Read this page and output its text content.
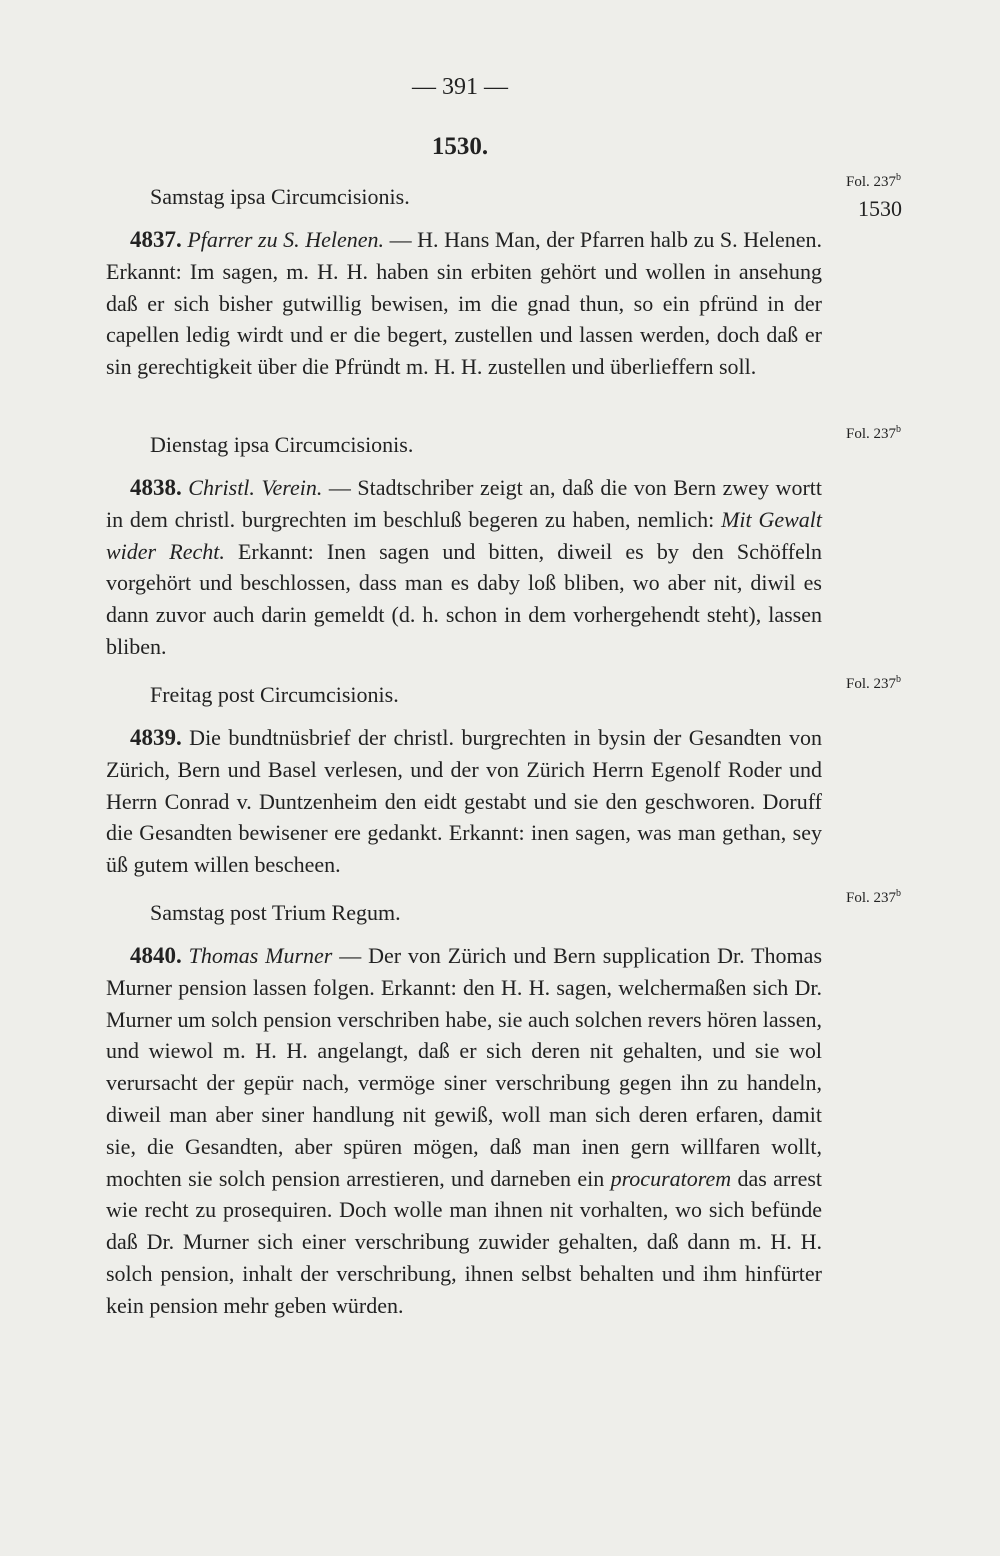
— 391 —
1530.
Fol. 237$^b$
1530
Fol. 237$^b$
Fol. 237$^b$
Fol. 237$^b$
Samstag ipsa Circumcisionis.
4837. Pfarrer zu S. Helenen. — H. Hans Man, der Pfarren halb zu S. Helenen. Erkannt: Im sagen, m. H. H. haben sin erbiten gehört und wollen in ansehung daß er sich bisher gutwillig bewisen, im die gnad thun, so ein pfründ in der capellen ledig wirdt und er die begert, zustellen und lassen werden, doch daß er sin gerechtigkeit über die Pfründt m. H. H. zustellen und überlieffern soll.
Dienstag ipsa Circumcisionis.
4838. Christl. Verein. — Stadtschriber zeigt an, daß die von Bern zwey wortt in dem christl. burgrechten im beschluß begeren zu haben, nemlich: Mit Gewalt wider Recht. Erkannt: Inen sagen und bitten, diweil es by den Schöffeln vorgehört und beschlossen, dass man es daby loß bliben, wo aber nit, diwil es dann zuvor auch darin gemeldt (d. h. schon in dem vorhergehendt steht), lassen bliben.
Freitag post Circumcisionis.
4839. Die bundtnüsbrief der christl. burgrechten in bysin der Gesandten von Zürich, Bern und Basel verlesen, und der von Zürich Herrn Egenolf Roder und Herrn Conrad v. Duntzenheim den eidt gestabt und sie den geschworen. Doruff die Gesandten bewisener ere gedankt. Erkannt: inen sagen, was man gethan, sey üß gutem willen bescheen.
Samstag post Trium Regum.
4840. Thomas Murner — Der von Zürich und Bern supplication Dr. Thomas Murner pension lassen folgen. Erkannt: den H. H. sagen, welchermaßen sich Dr. Murner um solch pension verschriben habe, sie auch solchen revers hören lassen, und wiewol m. H. H. angelangt, daß er sich deren nit gehalten, und sie wol verursacht der gepür nach, vermöge siner verschribung gegen ihn zu handeln, diweil man aber siner handlung nit gewiß, woll man sich deren erfaren, damit sie, die Gesandten, aber spüren mögen, daß man inen gern willfaren wollt, mochten sie solch pension arrestieren, und darneben ein procuratorem das arrest wie recht zu prosequiren. Doch wolle man ihnen nit vorhalten, wo sich befünde daß Dr. Murner sich einer verschribung zuwider gehalten, daß dann m. H. H. solch pension, inhalt der verschribung, ihnen selbst behalten und ihm hinfürter kein pension mehr geben würden.
